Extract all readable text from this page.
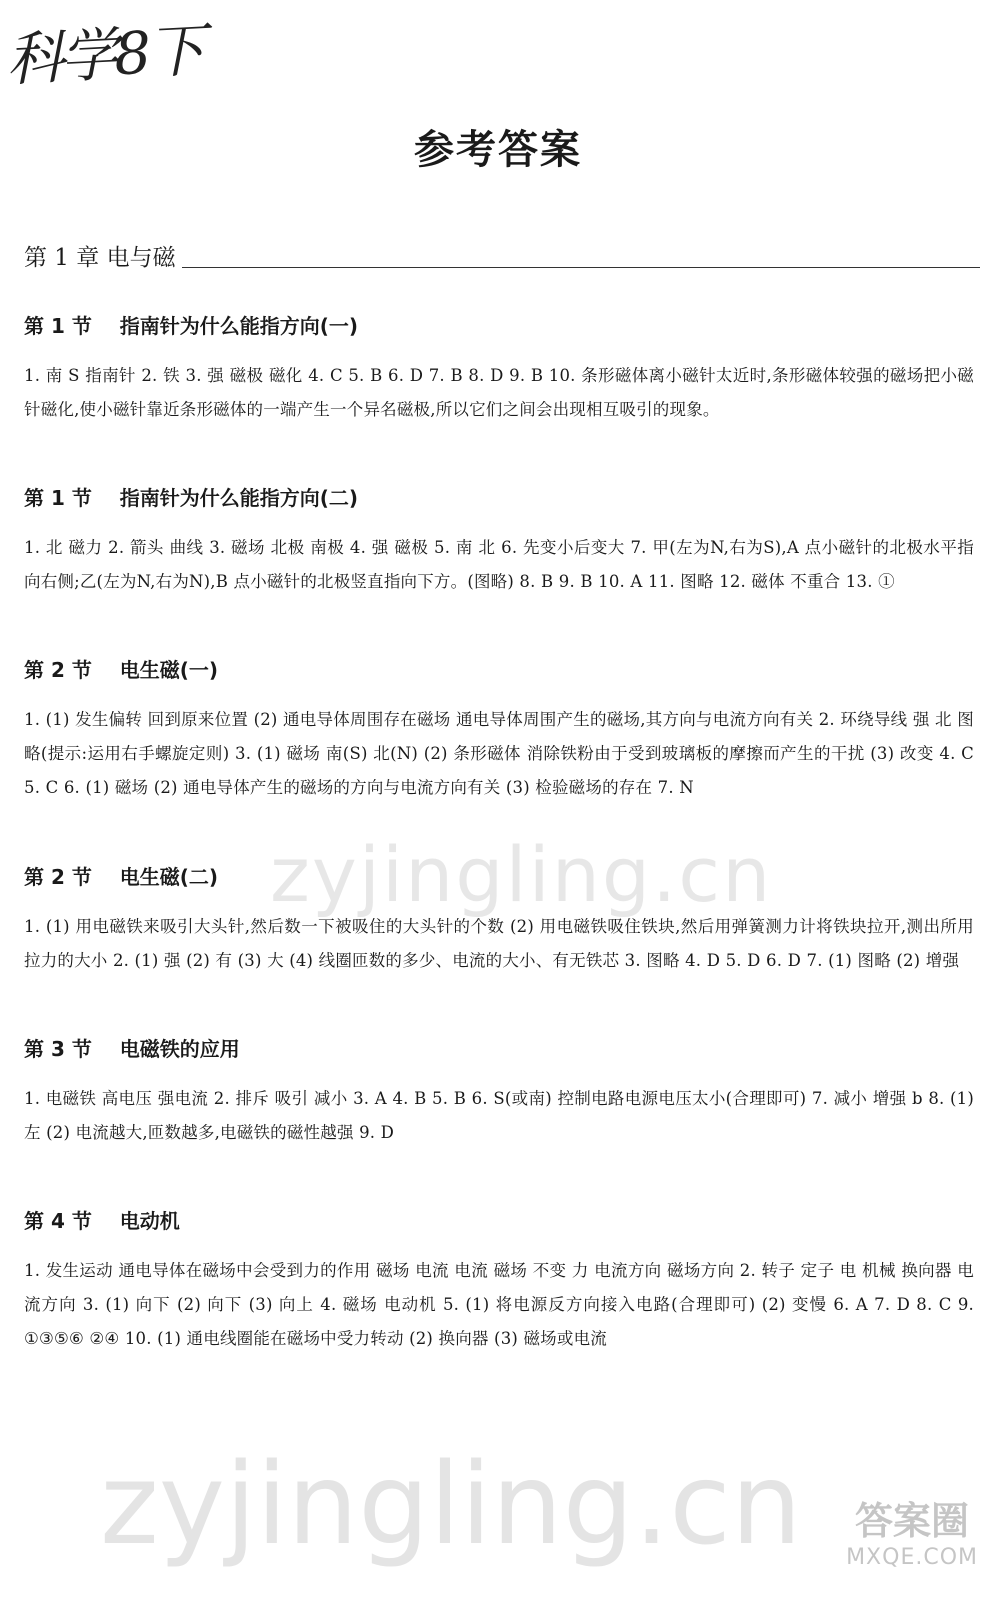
科学8下
参考答案
第 1 章 电与磁
第 1 节    指南针为什么能指方向(一)

1. 南 S 指南针 2. 铁 3. 强 磁极 磁化 4. C 5. B 6. D 7. B 8. D 9. B 10. 条形磁体离小磁针太近时,条形磁体较强的磁场把小磁针磁化,使小磁针靠近条形磁体的一端产生一个异名磁极,所以它们之间会出现相互吸引的现象。

第 1 节    指南针为什么能指方向(二)

1. 北 磁力 2. 箭头 曲线 3. 磁场 北极 南极 4. 强 磁极 5. 南 北 6. 先变小后变大 7. 甲(左为N,右为S),A 点小磁针的北极水平指向右侧;乙(左为N,右为N),B 点小磁针的北极竖直指向下方。(图略) 8. B 9. B 10. A 11. 图略 12. 磁体 不重合 13. ①

第 2 节    电生磁(一)

1. (1) 发生偏转 回到原来位置 (2) 通电导体周围存在磁场 通电导体周围产生的磁场,其方向与电流方向有关 2. 环绕导线 强 北 图略(提示:运用右手螺旋定则) 3. (1) 磁场 南(S) 北(N) (2) 条形磁体 消除铁粉由于受到玻璃板的摩擦而产生的干扰 (3) 改变 4. C 5. C 6. (1) 磁场 (2) 通电导体产生的磁场的方向与电流方向有关 (3) 检验磁场的存在 7. N

第 2 节    电生磁(二)

1. (1) 用电磁铁来吸引大头针,然后数一下被吸住的大头针的个数 (2) 用电磁铁吸住铁块,然后用弹簧测力计将铁块拉开,测出所用拉力的大小 2. (1) 强 (2) 有 (3) 大 (4) 线圈匝数的多少、电流的大小、有无铁芯 3. 图略 4. D 5. D 6. D 7. (1) 图略 (2) 增强

第 3 节    电磁铁的应用

1. 电磁铁 高电压 强电流 2. 排斥 吸引 减小 3. A 4. B 5. B 6. S(或南) 控制电路电源电压太小(合理即可) 7. 减小 增强 b 8. (1) 左 (2) 电流越大,匝数越多,电磁铁的磁性越强 9. D

第 4 节    电动机

1. 发生运动 通电导体在磁场中会受到力的作用 磁场 电流 电流 磁场 不变 力 电流方向 磁场方向 2. 转子 定子 电 机械 换向器 电流方向 3. (1) 向下 (2) 向下 (3) 向上 4. 磁场 电动机 5. (1) 将电源反方向接入电路(合理即可) (2) 变慢 6. A 7. D 8. C 9. ①③⑤⑥ ②④ 10. (1) 通电线圈能在磁场中受力转动 (2) 换向器 (3) 磁场或电流

zyjingling.cn
zyjingling.cn 答案圈
MXQE.COM
